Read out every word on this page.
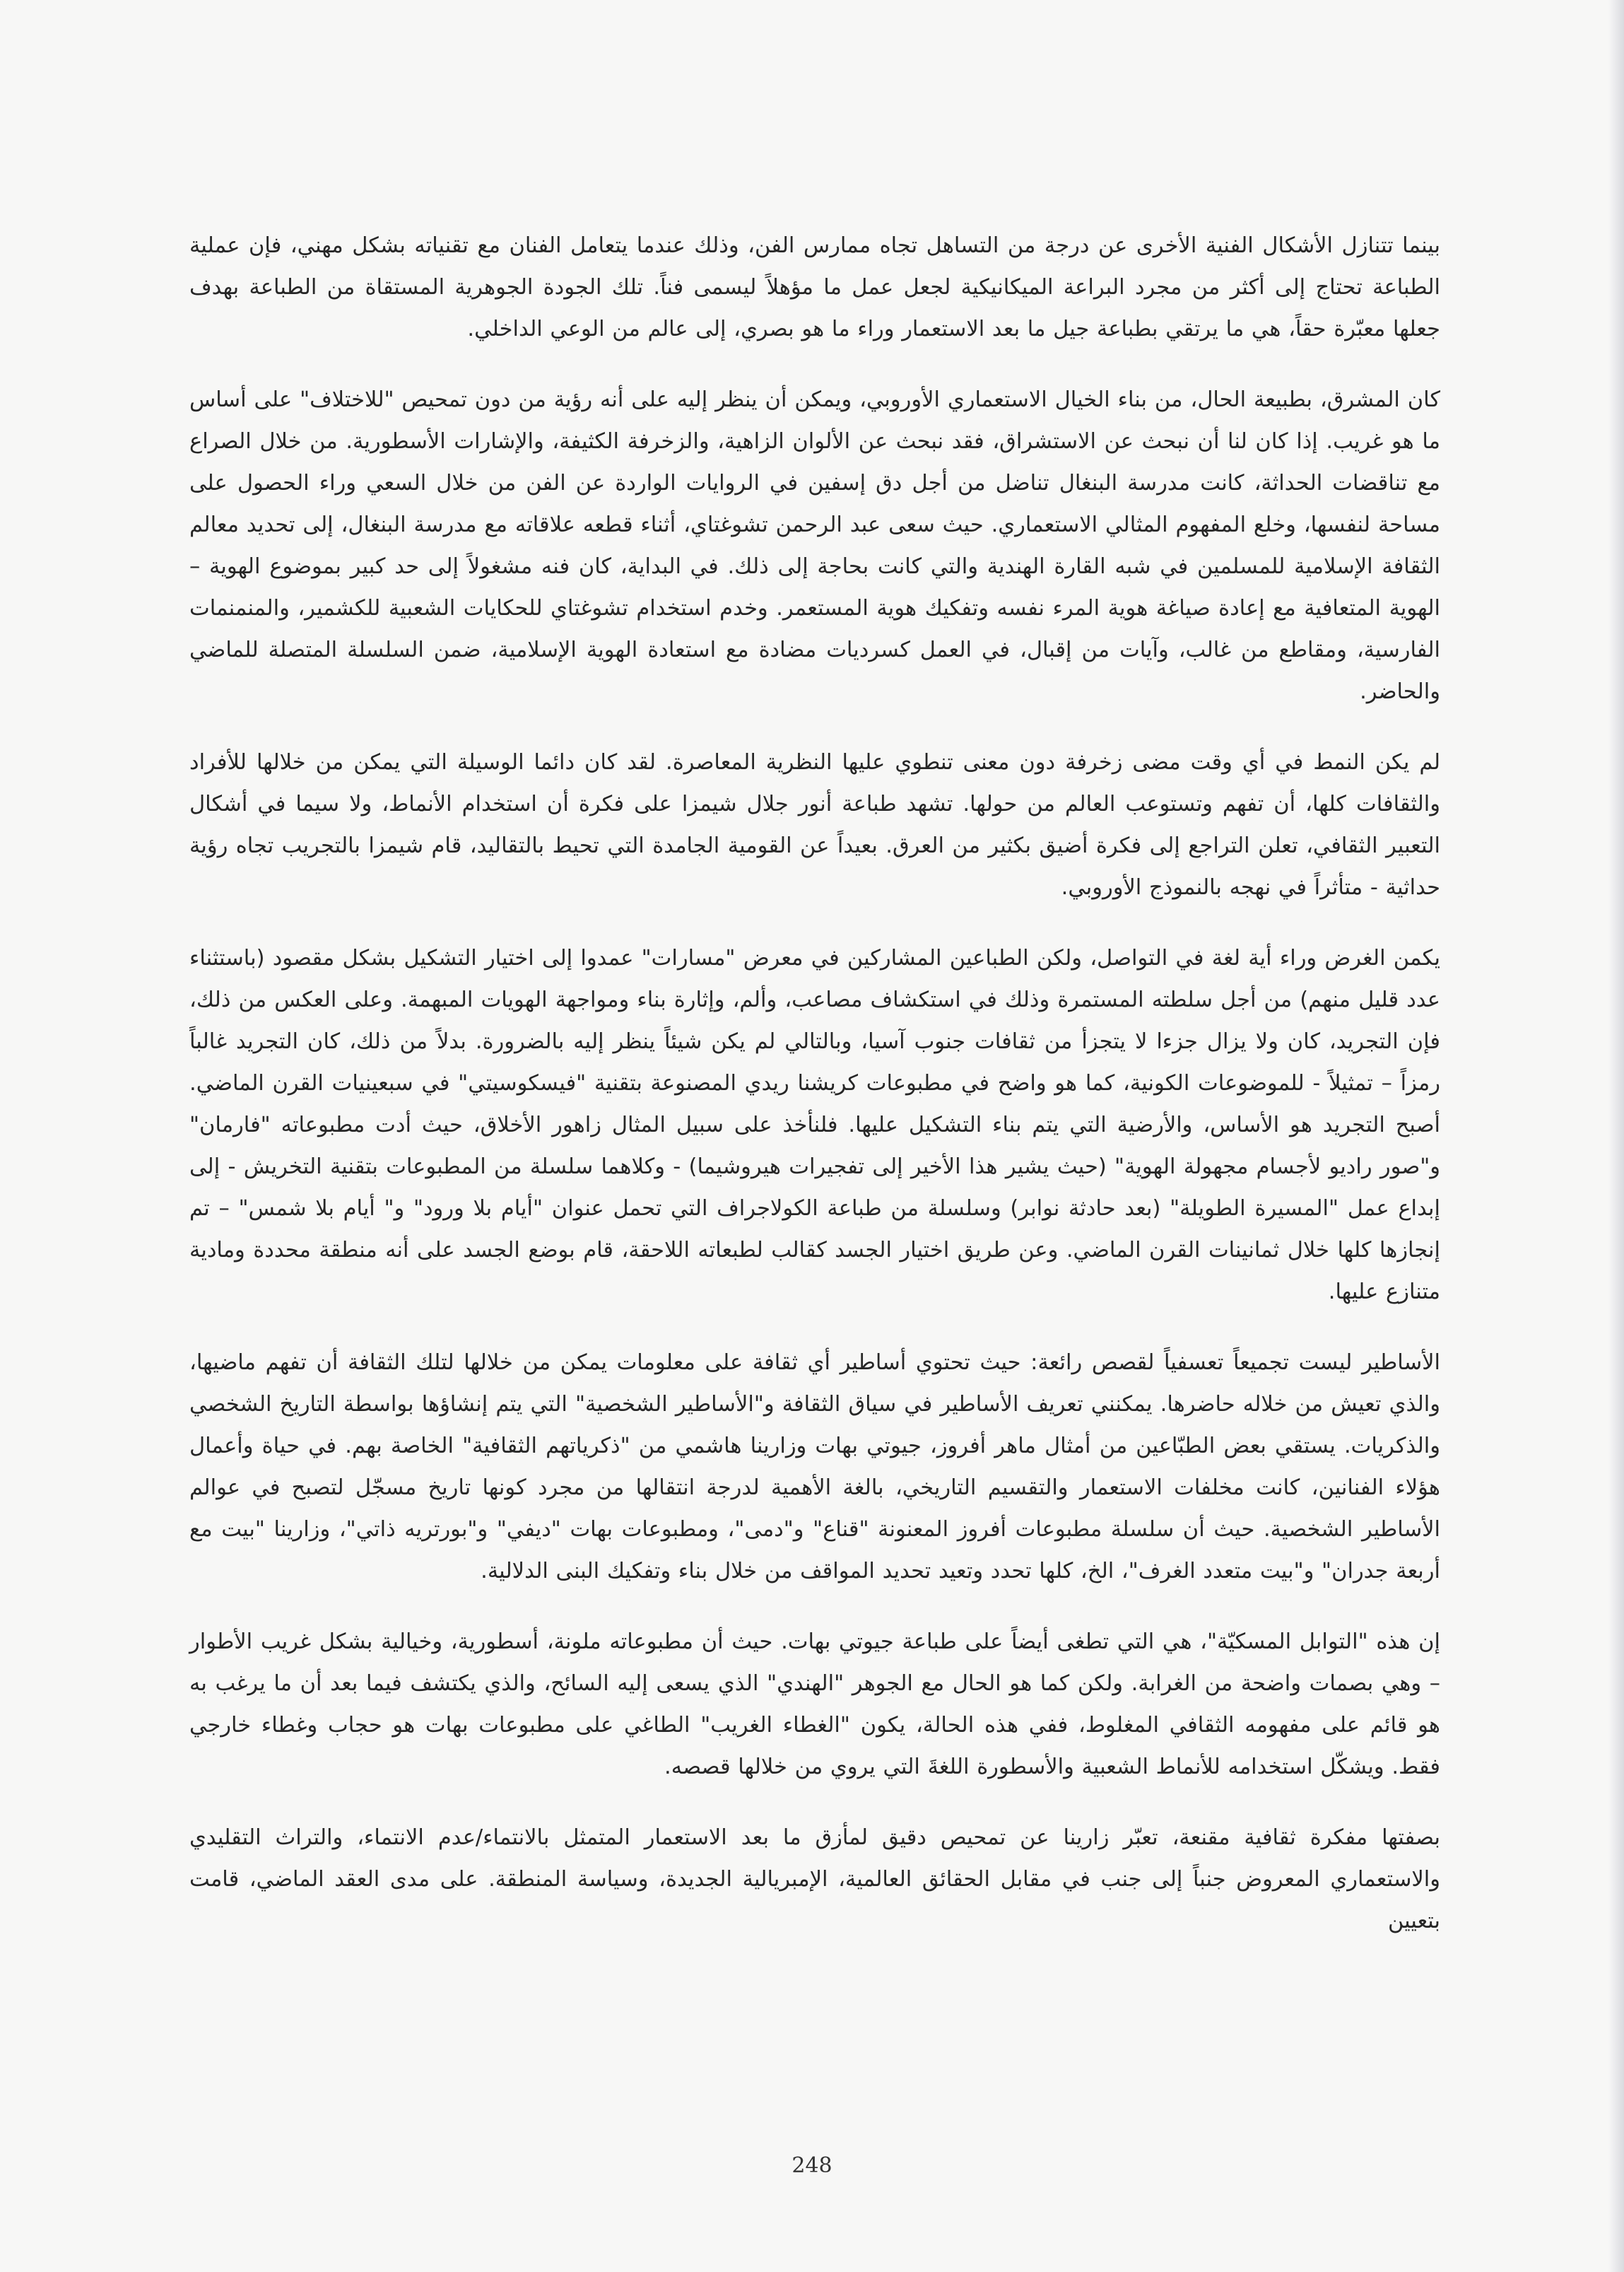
بينما تتنازل الأشكال الفنية الأخرى عن درجة من التساهل تجاه ممارس الفن، وذلك عندما يتعامل الفنان مع تقنياته بشكل مهني، فإن عملية الطباعة تحتاج إلى أكثر من مجرد البراعة الميكانيكية لجعل عمل ما مؤهلاً ليسمى فناً. تلك الجودة الجوهرية المستقاة من الطباعة بهدف جعلها معبّرة حقاً، هي ما يرتقي بطباعة جيل ما بعد الاستعمار وراء ما هو بصري، إلى عالم من الوعي الداخلي.

كان المشرق، بطبيعة الحال، من بناء الخيال الاستعماري الأوروبي، ويمكن أن ينظر إليه على أنه رؤية من دون تمحيص "للاختلاف" على أساس ما هو غريب. إذا كان لنا أن نبحث عن الاستشراق، فقد نبحث عن الألوان الزاهية، والزخرفة الكثيفة، والإشارات الأسطورية. من خلال الصراع مع تناقضات الحداثة، كانت مدرسة البنغال تناضل من أجل دق إسفين في الروايات الواردة عن الفن من خلال السعي وراء الحصول على مساحة لنفسها، وخلع المفهوم المثالي الاستعماري. حيث سعى عبد الرحمن تشوغتاي، أثناء قطعه علاقاته مع مدرسة البنغال، إلى تحديد معالم الثقافة الإسلامية للمسلمين في شبه القارة الهندية والتي كانت بحاجة إلى ذلك. في البداية، كان فنه مشغولاً إلى حد كبير بموضوع الهوية – الهوية المتعافية مع إعادة صياغة هوية المرء نفسه وتفكيك هوية المستعمر. وخدم استخدام تشوغتاي للحكايات الشعبية للكشمير، والمنمنمات الفارسية، ومقاطع من غالب، وآيات من إقبال، في العمل كسرديات مضادة مع استعادة الهوية الإسلامية، ضمن السلسلة المتصلة للماضي والحاضر.

لم يكن النمط في أي وقت مضى زخرفة دون معنى تنطوي عليها النظرية المعاصرة. لقد كان دائما الوسيلة التي يمكن من خلالها للأفراد والثقافات كلها، أن تفهم وتستوعب العالم من حولها. تشهد طباعة أنور جلال شيمزا على فكرة أن استخدام الأنماط، ولا سيما في أشكال التعبير الثقافي، تعلن التراجع إلى فكرة أضيق بكثير من العرق. بعيداً عن القومية الجامدة التي تحيط بالتقاليد، قام شيمزا بالتجريب تجاه رؤية حداثية - متأثراً في نهجه بالنموذج الأوروبي.

يكمن الغرض وراء أية لغة في التواصل، ولكن الطباعين المشاركين في معرض "مسارات" عمدوا إلى اختيار التشكيل بشكل مقصود (باستثناء عدد قليل منهم) من أجل سلطته المستمرة وذلك في استكشاف مصاعب، وألم، وإثارة بناء ومواجهة الهويات المبهمة. وعلى العكس من ذلك، فإن التجريد، كان ولا يزال جزءا لا يتجزأ من ثقافات جنوب آسيا، وبالتالي لم يكن شيئاً ينظر إليه بالضرورة. بدلاً من ذلك، كان التجريد غالباً رمزاً – تمثيلاً - للموضوعات الكونية، كما هو واضح في مطبوعات كريشنا ريدي المصنوعة بتقنية "فيسكوسيتي" في سبعينيات القرن الماضي. أصبح التجريد هو الأساس، والأرضية التي يتم بناء التشكيل عليها. فلنأخذ على سبيل المثال زاهور الأخلاق، حيث أدت مطبوعاته "فارمان" و"صور راديو لأجسام مجهولة الهوية" (حيث يشير هذا الأخير إلى تفجيرات هيروشيما) - وكلاهما سلسلة من المطبوعات بتقنية التخريش - إلى إبداع عمل "المسيرة الطويلة" (بعد حادثة نوابر) وسلسلة من طباعة الكولاجراف التي تحمل عنوان "أيام بلا ورود" و" أيام بلا شمس" – تم إنجازها كلها خلال ثمانينات القرن الماضي. وعن طريق اختيار الجسد كقالب لطبعاته اللاحقة، قام بوضع الجسد على أنه منطقة محددة ومادية متنازع عليها.

الأساطير ليست تجميعاً تعسفياً لقصص رائعة: حيث تحتوي أساطير أي ثقافة على معلومات يمكن من خلالها لتلك الثقافة أن تفهم ماضيها، والذي تعيش من خلاله حاضرها. يمكنني تعريف الأساطير في سياق الثقافة و"الأساطير الشخصية" التي يتم إنشاؤها بواسطة التاريخ الشخصي والذكريات. يستقي بعض الطبّاعين من أمثال ماهر أفروز، جيوتي بهات وزارينا هاشمي من "ذكرياتهم الثقافية" الخاصة بهم. في حياة وأعمال هؤلاء الفنانين، كانت مخلفات الاستعمار والتقسيم التاريخي، بالغة الأهمية لدرجة انتقالها من مجرد كونها تاريخ مسجّل لتصبح في عوالم الأساطير الشخصية. حيث أن سلسلة مطبوعات أفروز المعنونة "قناع" و"دمى"، ومطبوعات بهات "ديفي" و"بورتريه ذاتي"، وزارينا "بيت مع أربعة جدران" و"بيت متعدد الغرف"، الخ، كلها تحدد وتعيد تحديد المواقف من خلال بناء وتفكيك البنى الدلالية.

إن هذه "التوابل المسكيّة"، هي التي تطغى أيضاً على طباعة جيوتي بهات. حيث أن مطبوعاته ملونة، أسطورية، وخيالية بشكل غريب الأطوار – وهي بصمات واضحة من الغرابة. ولكن كما هو الحال مع الجوهر "الهندي" الذي يسعى إليه السائح، والذي يكتشف فيما بعد أن ما يرغب به هو قائم على مفهومه الثقافي المغلوط، ففي هذه الحالة، يكون "الغطاء الغريب" الطاغي على مطبوعات بهات هو حجاب وغطاء خارجي فقط. ويشكّل استخدامه للأنماط الشعبية والأسطورة اللغةَ التي يروي من خلالها قصصه.

بصفتها مفكرة ثقافية مقنعة، تعبّر زارينا عن تمحيص دقيق لمأزق ما بعد الاستعمار المتمثل بالانتماء/عدم الانتماء، والتراث التقليدي والاستعماري المعروض جنباً إلى جنب في مقابل الحقائق العالمية، الإمبريالية الجديدة، وسياسة المنطقة. على مدى العقد الماضي، قامت بتعيين

248
